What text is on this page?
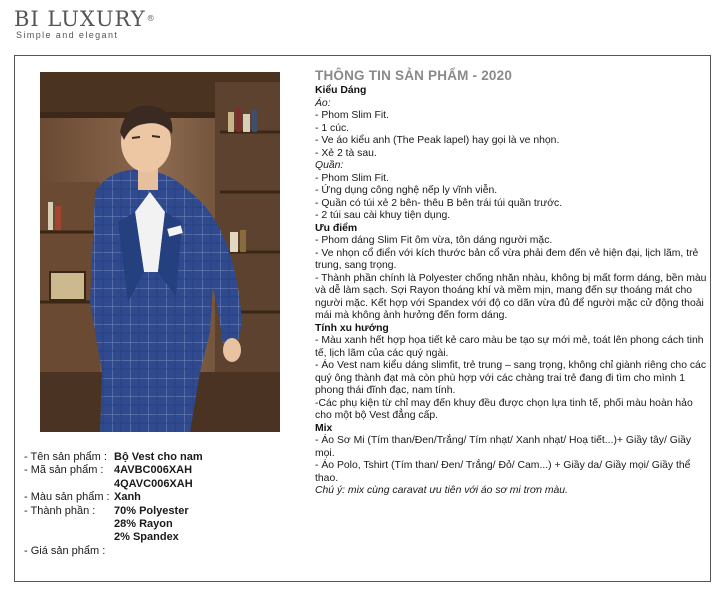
BI LUXURY®
Simple and elegant
- Tên sản phẩm : Bộ Vest cho nam
- Mã sản phẩm : 4AVBC006XAH
4QAVC006XAH
- Màu sản phẩm : Xanh
- Thành phần :	70% Polyester
28% Rayon
2% Spandex
- Giá sản phẩm :
THÔNG TIN SẢN PHẨM - 2020
Kiểu Dáng
Áo:
- Phom Slim Fit.
- 1 cúc.
- Ve áo kiểu anh (The Peak lapel) hay gọi là ve nhọn.
- Xẻ 2 tà sau.
Quần:
- Phom Slim Fit.
- Ứng dụng công nghệ nếp ly vĩnh viễn.
- Quần có túi xẻ 2 bên- thêu B bên trái túi quần trước.
- 2 túi sau cài khuy tiện dụng.
Ưu điểm
- Phom dáng Slim Fit ôm vừa, tôn dáng người mặc.
- Ve nhọn cổ điển với kích thước bản cổ vừa phải đem đến vẻ hiện đại, lịch lãm, trẻ trung, sang trọng.
- Thành phần chính là Polyester chống nhăn nhàu, không bị mất form dáng, bền màu và dễ làm sạch. Sợi Rayon thoáng khí và mềm mịn, mang đến sự thoáng mát cho người mặc. Kết hợp với Spandex với độ co dãn vừa đủ để người mặc cử động thoải mái mà không ảnh hưởng đến form dáng.
Tính xu hướng
- Màu xanh hết hợp họa tiết kẻ caro màu be tạo sự mới mẻ, toát lên phong cách tinh tế, lịch lãm của các quý ngài.
- Áo Vest nam kiểu dáng slimfit, trẻ trung – sang trọng, không chỉ giành riêng cho các quý ông thành đạt mà còn phù hợp với các chàng trai trẻ đang đi tìm cho mình 1 phong thái đĩnh đạc, nam tính.
-Các phụ kiện từ chỉ may đến khuy đều được chọn lựa tinh tế, phối màu hoàn hảo cho một bộ Vest đẳng cấp.
Mix
- Áo Sơ Mi (Tím than/Đen/Trắng/ Tím nhạt/ Xanh nhạt/ Hoạ tiết...)+ Giầy tây/ Giầy mọi.
- Áo Polo, Tshirt (Tím than/ Đen/ Trắng/ Đỏ/ Cam...) + Giầy da/ Giầy mọi/ Giầy thể thao.
Chú ý: mix cùng caravat ưu tiên với áo sơ mi trơn màu.
